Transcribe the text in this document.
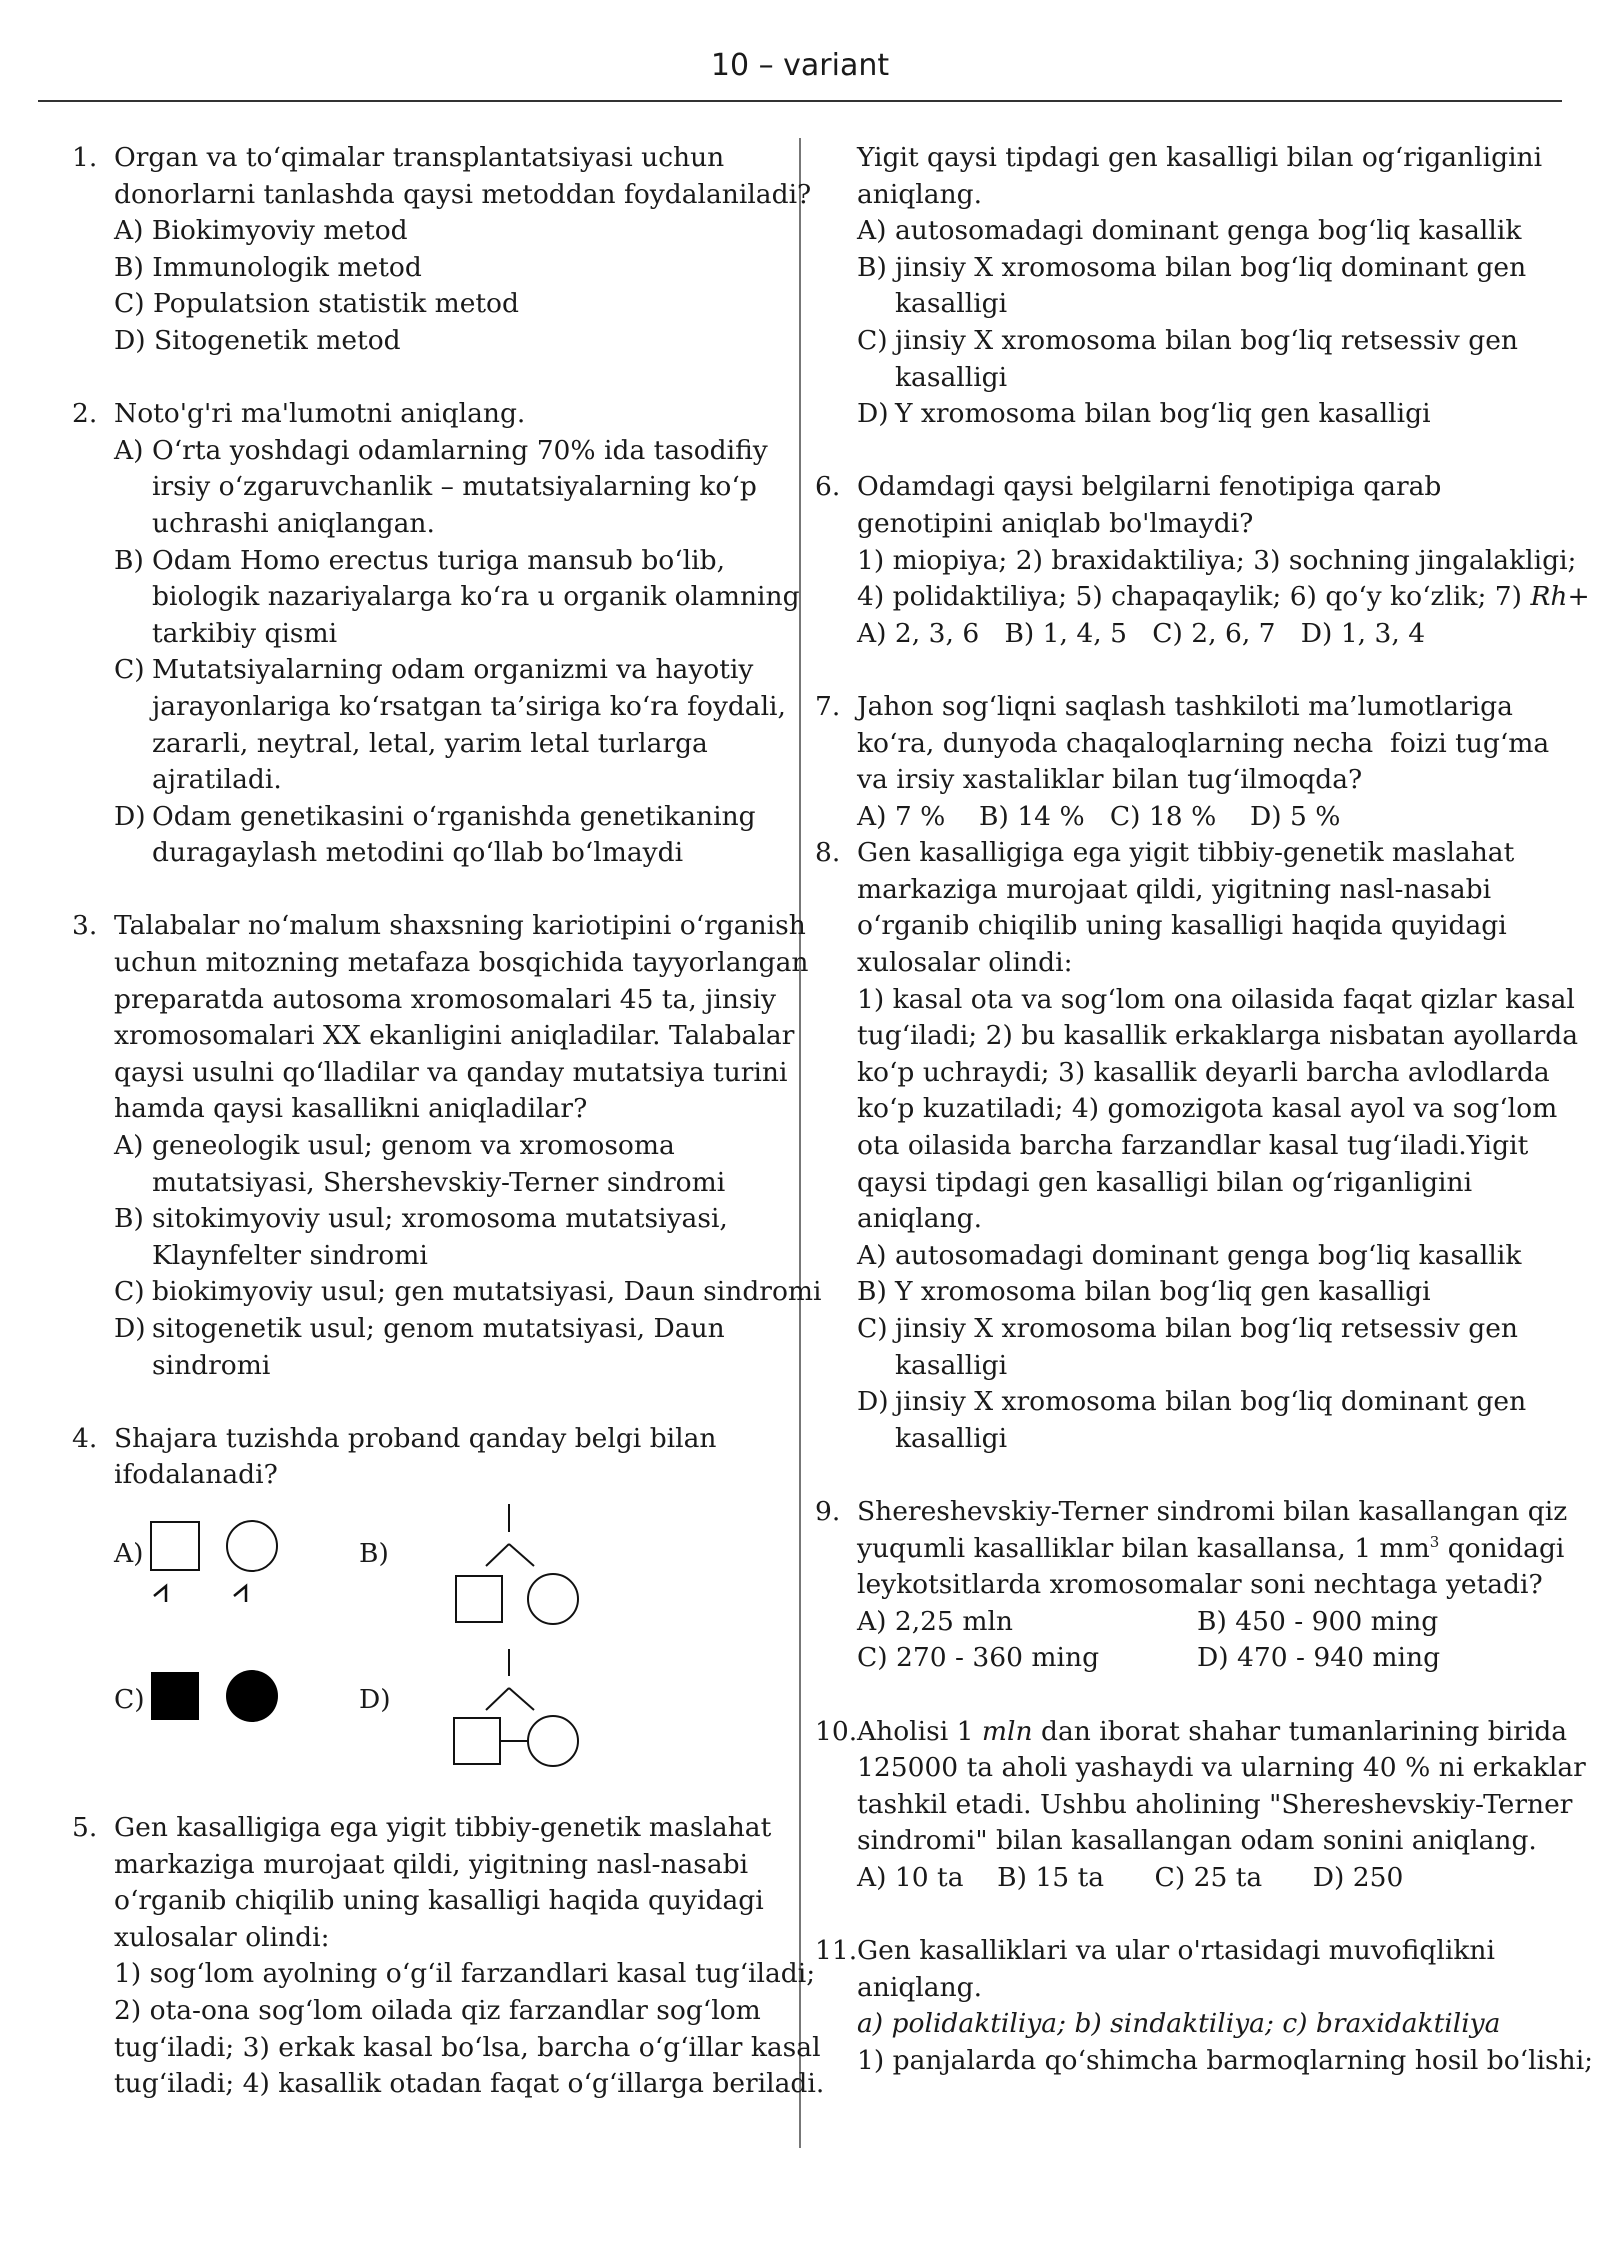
10 – variant
1. Organ va to‘qimalar transplantatsiyasi uchun
donorlarni tanlashda qaysi metoddan foydalaniladi?
A) Biokimyoviy metod
B) Immunologik metod
C) Populatsion statistik metod
D) Sitogenetik metod
2. Noto'g'ri ma'lumotni aniqlang.
A) O‘rta yoshdagi odamlarning 70% ida tasodifiy
irsiy o‘zgaruvchanlik – mutatsiyalarning ko‘p
uchrashi aniqlangan.
B) Odam Homo erectus turiga mansub bo‘lib,
biologik nazariyalarga ko‘ra u organik olamning
tarkibiy qismi
C) Mutatsiyalarning odam organizmi va hayotiy
jarayonlariga ko‘rsatgan ta’siriga ko‘ra foydali,
zararli, neytral, letal, yarim letal turlarga
ajratiladi.
D) Odam genetikasini o‘rganishda genetikaning
duragaylash metodini qo‘llab bo‘lmaydi
3. Talabalar no‘malum shaxsning kariotipini o‘rganish
uchun mitozning metafaza bosqichida tayyorlangan
preparatda autosoma xromosomalari 45 ta, jinsiy
xromosomalari XX ekanligini aniqladilar. Talabalar
qaysi usulni qo‘lladilar va qanday mutatsiya turini
hamda qaysi kasallikni aniqladilar?
A) geneologik usul; genom va xromosoma
mutatsiyasi, Shershevskiy-Terner sindromi
B) sitokimyoviy usul; xromosoma mutatsiyasi,
Klaynfelter sindromi
C) biokimyoviy usul; gen mutatsiyasi, Daun sindromi
D) sitogenetik usul; genom mutatsiyasi, Daun
sindromi
4. Shajara tuzishda proband qanday belgi bilan
ifodalanadi?
A)	B)
C)	D)
5. Gen kasalligiga ega yigit tibbiy-genetik maslahat
markaziga murojaat qildi, yigitning nasl-nasabi
o‘rganib chiqilib uning kasalligi haqida quyidagi
xulosalar olindi:
1) sog‘lom ayolning o‘g‘il farzandlari kasal tug‘iladi;
2) ota-ona sog‘lom oilada qiz farzandlar sog‘lom
tug‘iladi; 3) erkak kasal bo‘lsa, barcha o‘g‘illar kasal
tug‘iladi; 4) kasallik otadan faqat o‘g‘illarga beriladi.
Yigit qaysi tipdagi gen kasalligi bilan og‘riganligini
aniqlang.
A) autosomadagi dominant genga bog‘liq kasallik
B) jinsiy X xromosoma bilan bog‘liq dominant gen
kasalligi
C) jinsiy X xromosoma bilan bog‘liq retsessiv gen
kasalligi
D) Y xromosoma bilan bog‘liq gen kasalligi
6. Odamdagi qaysi belgilarni fenotipiga qarab
genotipini aniqlab bo'lmaydi?
1) miopiya; 2) braxidaktiliya; 3) sochning jingalakligi;
4) polidaktiliya; 5) chapaqaylik; 6) qo‘y ko‘zlik; 7) Rh+
A) 2, 3, 6   B) 1, 4, 5   C) 2, 6, 7   D) 1, 3, 4
7. Jahon sog‘liqni saqlash tashkiloti ma’lumotlariga
ko‘ra, dunyoda chaqaloqlarning necha  foizi tug‘ma
va irsiy xastaliklar bilan tug‘ilmoqda?
A) 7 %    B) 14 %   C) 18 %    D) 5 %
8. Gen kasalligiga ega yigit tibbiy-genetik maslahat
markaziga murojaat qildi, yigitning nasl-nasabi
o‘rganib chiqilib uning kasalligi haqida quyidagi
xulosalar olindi:
1) kasal ota va sog‘lom ona oilasida faqat qizlar kasal
tug‘iladi; 2) bu kasallik erkaklarga nisbatan ayollarda
ko‘p uchraydi; 3) kasallik deyarli barcha avlodlarda
ko‘p kuzatiladi; 4) gomozigota kasal ayol va sog‘lom
ota oilasida barcha farzandlar kasal tug‘iladi.Yigit
qaysi tipdagi gen kasalligi bilan og‘riganligini
aniqlang.
A) autosomadagi dominant genga bog‘liq kasallik
B) Y xromosoma bilan bog‘liq gen kasalligi
C) jinsiy X xromosoma bilan bog‘liq retsessiv gen
kasalligi
D) jinsiy X xromosoma bilan bog‘liq dominant gen
kasalligi
9. Shereshevskiy-Terner sindromi bilan kasallangan qiz
yuqumli kasalliklar bilan kasallansa, 1 $mm^3$ qonidagi
leykotsitlarda xromosomalar soni nechtaga yetadi?
A) 2,25 mln	B) 450 - 900 ming
C) 270 - 360 ming	D) 470 - 940 ming
10. Aholisi 1 mln dan iborat shahar tumanlarining birida
125000 ta aholi yashaydi va ularning 40 % ni erkaklar
tashkil etadi. Ushbu aholining "Shereshevskiy-Terner
sindromi" bilan kasallangan odam sonini aniqlang.
A) 10 ta    B) 15 ta      C) 25 ta      D) 250
11. Gen kasalliklari va ular o'rtasidagi muvofiqlikni
aniqlang.
a) polidaktiliya; b) sindaktiliya; c) braxidaktiliya
1) panjalarda qo‘shimcha barmoqlarning hosil bo‘lishi;
